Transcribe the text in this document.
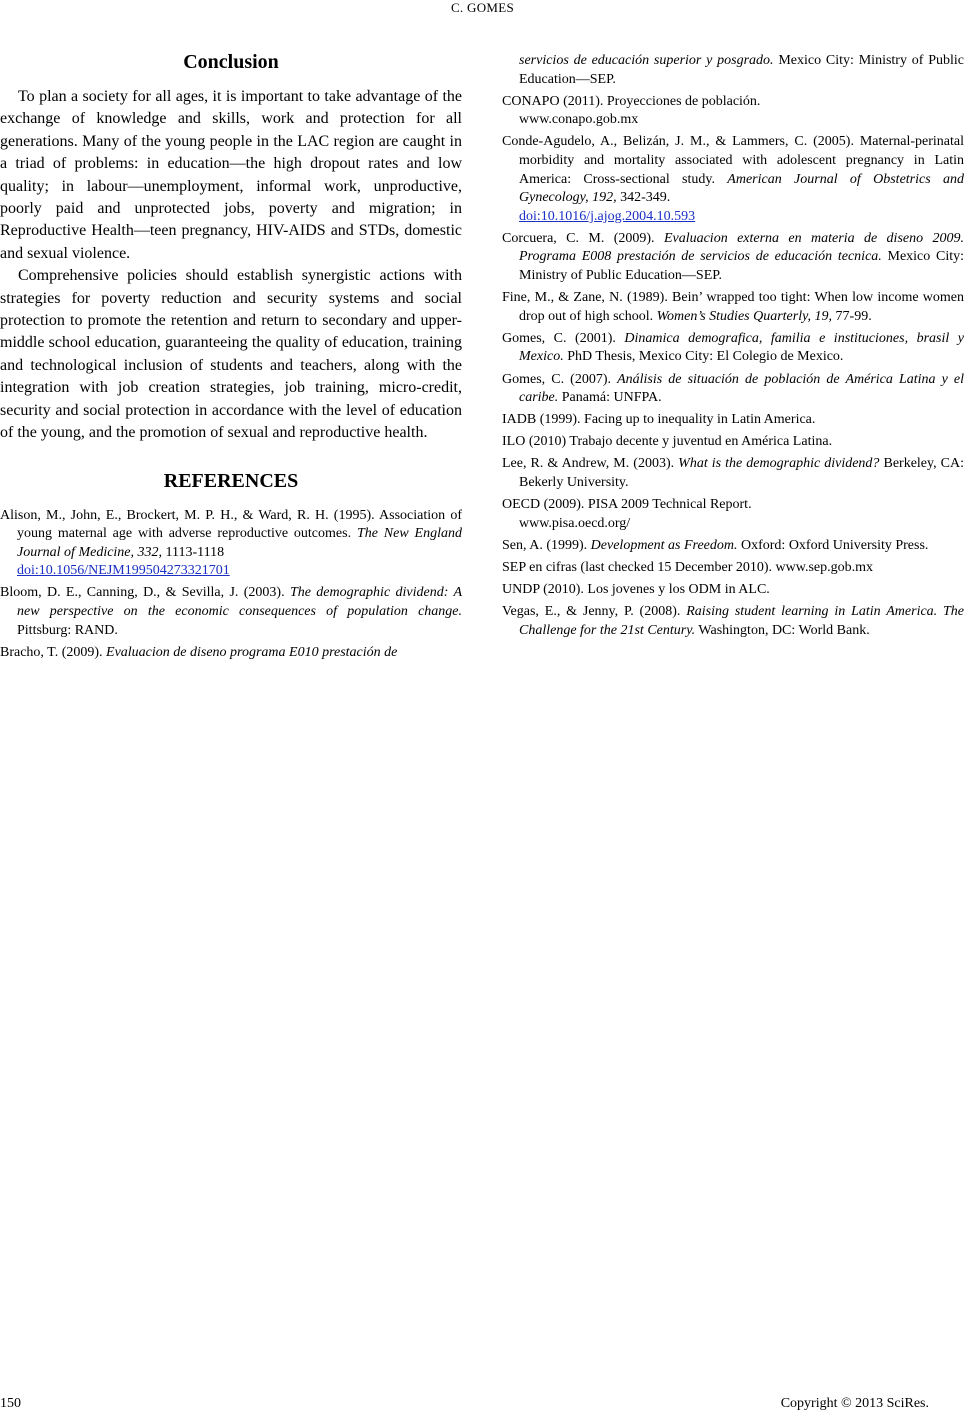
C. GOMES
Conclusion

To plan a society for all ages, it is important to take advantage of the exchange of knowledge and skills, work and protection for all generations. Many of the young people in the LAC region are caught in a triad of problems: in education—the high dropout rates and low quality; in labour—unemployment, informal work, unproductive, poorly paid and unprotected jobs, poverty and migration; in Reproductive Health—teen pregnancy, HIV-AIDS and STDs, domestic and sexual violence.

Comprehensive policies should establish synergistic actions with strategies for poverty reduction and security systems and social protection to promote the retention and return to secondary and upper-middle school education, guaranteeing the quality of education, training and technological inclusion of students and teachers, along with the integration with job creation strategies, job training, micro-credit, security and social protection in accordance with the level of education of the young, and the promotion of sexual and reproductive health.

REFERENCES
Alison, M., John, E., Brockert, M. P. H., & Ward, R. H. (1995). Association of young maternal age with adverse reproductive outcomes. The New England Journal of Medicine, 332, 1113-1118
doi:10.1056/NEJM199504273321701
Bloom, D. E., Canning, D., & Sevilla, J. (2003). The demographic dividend: A new perspective on the economic consequences of population change. Pittsburg: RAND.
Bracho, T. (2009). Evaluacion de diseno programa E010 prestación de
servicios de educación superior y posgrado. Mexico City: Ministry of Public Education—SEP.
CONAPO (2011). Proyecciones de población.
www.conapo.gob.mx
Conde-Agudelo, A., Belizán, J. M., & Lammers, C. (2005). Maternal-perinatal morbidity and mortality associated with adolescent pregnancy in Latin America: Cross-sectional study. American Journal of Obstetrics and Gynecology, 192, 342-349.
doi:10.1016/j.ajog.2004.10.593
Corcuera, C. M. (2009). Evaluacion externa en materia de diseno 2009. Programa E008 prestación de servicios de educación tecnica. Mexico City: Ministry of Public Education—SEP.
Fine, M., & Zane, N. (1989). Bein’ wrapped too tight: When low income women drop out of high school. Women’s Studies Quarterly, 19, 77-99.
Gomes, C. (2001). Dinamica demografica, familia e instituciones, brasil y Mexico. PhD Thesis, Mexico City: El Colegio de Mexico.
Gomes, C. (2007). Análisis de situación de población de América Latina y el caribe. Panamá: UNFPA.
IADB (1999). Facing up to inequality in Latin America.
ILO (2010) Trabajo decente y juventud en América Latina.
Lee, R. & Andrew, M. (2003). What is the demographic dividend? Berkeley, CA: Bekerly University.
OECD (2009). PISA 2009 Technical Report.
www.pisa.oecd.org/
Sen, A. (1999). Development as Freedom. Oxford: Oxford University Press.
SEP en cifras (last checked 15 December 2010). www.sep.gob.mx
UNDP (2010). Los jovenes y los ODM in ALC.
Vegas, E., & Jenny, P. (2008). Raising student learning in Latin America. The Challenge for the 21st Century. Washington, DC: World Bank.
150	Copyright © 2013 SciRes.
